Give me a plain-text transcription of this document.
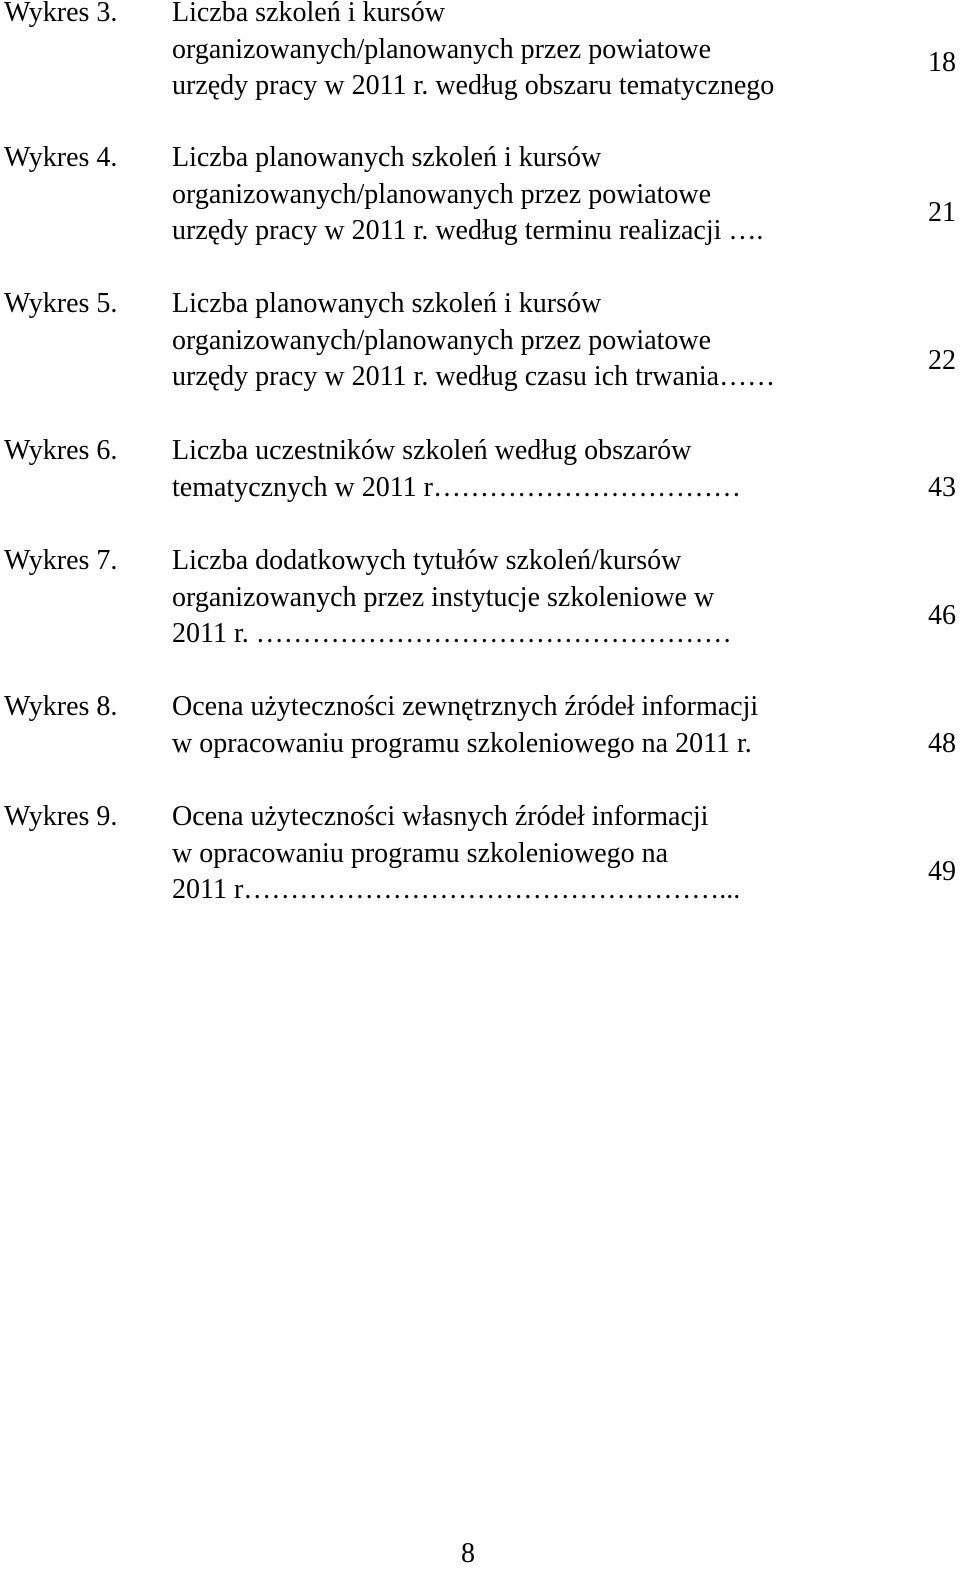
Wykres 3. Liczba szkoleń i kursów
organizowanych/planowanych przez powiatowe
urzędy pracy w 2011 r. według obszaru tematycznego
18
Wykres 4. Liczba planowanych szkoleń i kursów
organizowanych/planowanych przez powiatowe
urzędy pracy w 2011 r. według terminu realizacji ….
21
Wykres 5. Liczba planowanych szkoleń i kursów
organizowanych/planowanych przez powiatowe
urzędy pracy w 2011 r. według czasu ich trwania……
22
Wykres 6. Liczba uczestników szkoleń według obszarów
tematycznych w 2011 r……………………………	43
Wykres 7. Liczba dodatkowych tytułów szkoleń/kursów
organizowanych przez instytucje szkoleniowe w
2011 r. ……………………………………………
46
Wykres 8. Ocena użyteczności zewnętrznych źródeł informacji
w opracowaniu programu szkoleniowego na 2011 r.	48
Wykres 9. Ocena użyteczności własnych źródeł informacji
w opracowaniu programu szkoleniowego na
2011 r……………………………………………...
49
8
